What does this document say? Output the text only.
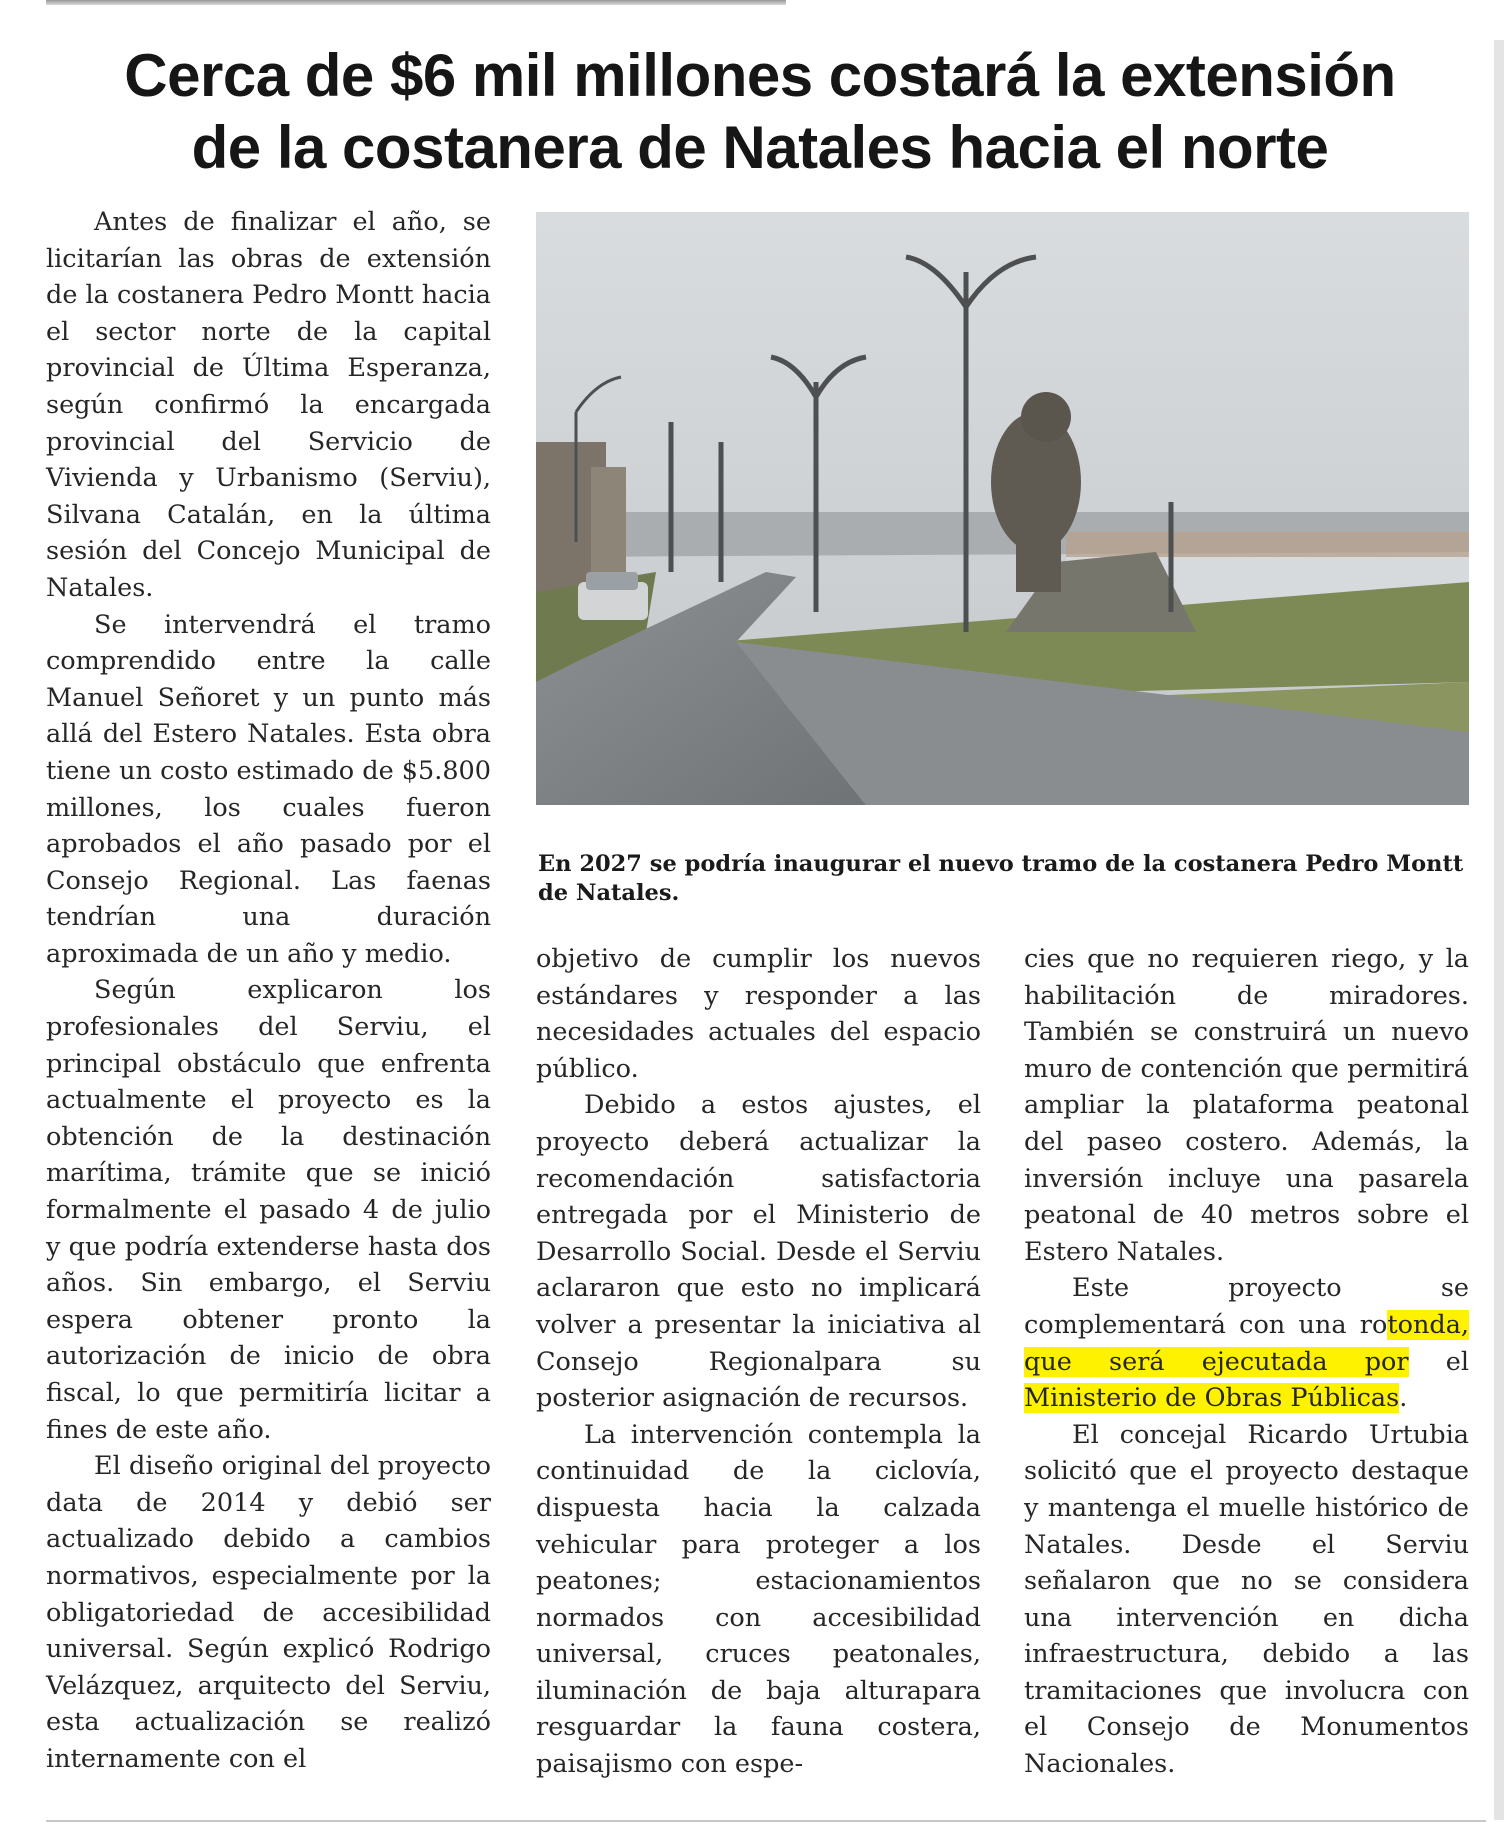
Cerca de $6 mil millones costará la extensión
de la costanera de Natales hacia el norte

Antes de finalizar el año, se licitarían las obras de extensión de la costanera Pedro Montt hacia el sector norte de la capital provincial de Última Esperanza, según confirmó la encargada provincial del Servicio de Vivienda y Urbanismo (Serviu), Silvana Catalán, en la última sesión del Concejo Municipal de Natales.

Se intervendrá el tramo comprendido entre la calle Manuel Señoret y un punto más allá del Estero Natales. Esta obra tiene un costo estimado de $5.800 millones, los cuales fueron aprobados el año pasado por el Consejo Regional. Las faenas tendrían una duración aproximada de un año y medio.

Según explicaron los profesionales del Serviu, el principal obstáculo que enfrenta actualmente el proyecto es la obtención de la destinación marítima, trámite que se inició formalmente el pasado 4 de julio y que podría extenderse hasta dos años. Sin embargo, el Serviu espera obtener pronto la autorización de inicio de obra fiscal, lo que permitiría licitar a fines de este año.

El diseño original del proyecto data de 2014 y debió ser actualizado debido a cambios normativos, especialmente por la obligatoriedad de accesibilidad universal. Según explicó Rodrigo Velázquez, arquitecto del Serviu, esta actualización se realizó internamente con el

En 2027 se podría inaugurar el nuevo tramo de la costanera Pedro Montt de Natales.

objetivo de cumplir los nuevos estándares y responder a las necesidades actuales del espacio público.

Debido a estos ajustes, el proyecto deberá actualizar la recomendación satisfactoria entregada por el Ministerio de Desarrollo Social. Desde el Serviu aclararon que esto no implicará volver a presentar la iniciativa al Consejo Regionalpara su posterior asignación de recursos.

La intervención contempla la continuidad de la ciclovía, dispuesta hacia la calzada vehicular para proteger a los peatones; estacionamientos normados con accesibilidad universal, cruces peatonales, iluminación de baja alturapara resguardar la fauna costera, paisajismo con espe-

cies que no requieren riego, y la habilitación de miradores. También se construirá un nuevo muro de contención que permitirá ampliar la plataforma peatonal del paseo costero. Además, la inversión incluye una pasarela peatonal de 40 metros sobre el Estero Natales.

Este proyecto se complementará con una rotonda, que será ejecutada por el Ministerio de Obras Públicas.

El concejal Ricardo Urtubia solicitó que el proyecto destaque y mantenga el muelle histórico de Natales. Desde el Serviu señalaron que no se considera una intervención en dicha infraestructura, debido a las tramitaciones que involucra con el Consejo de Monumentos Nacionales.
